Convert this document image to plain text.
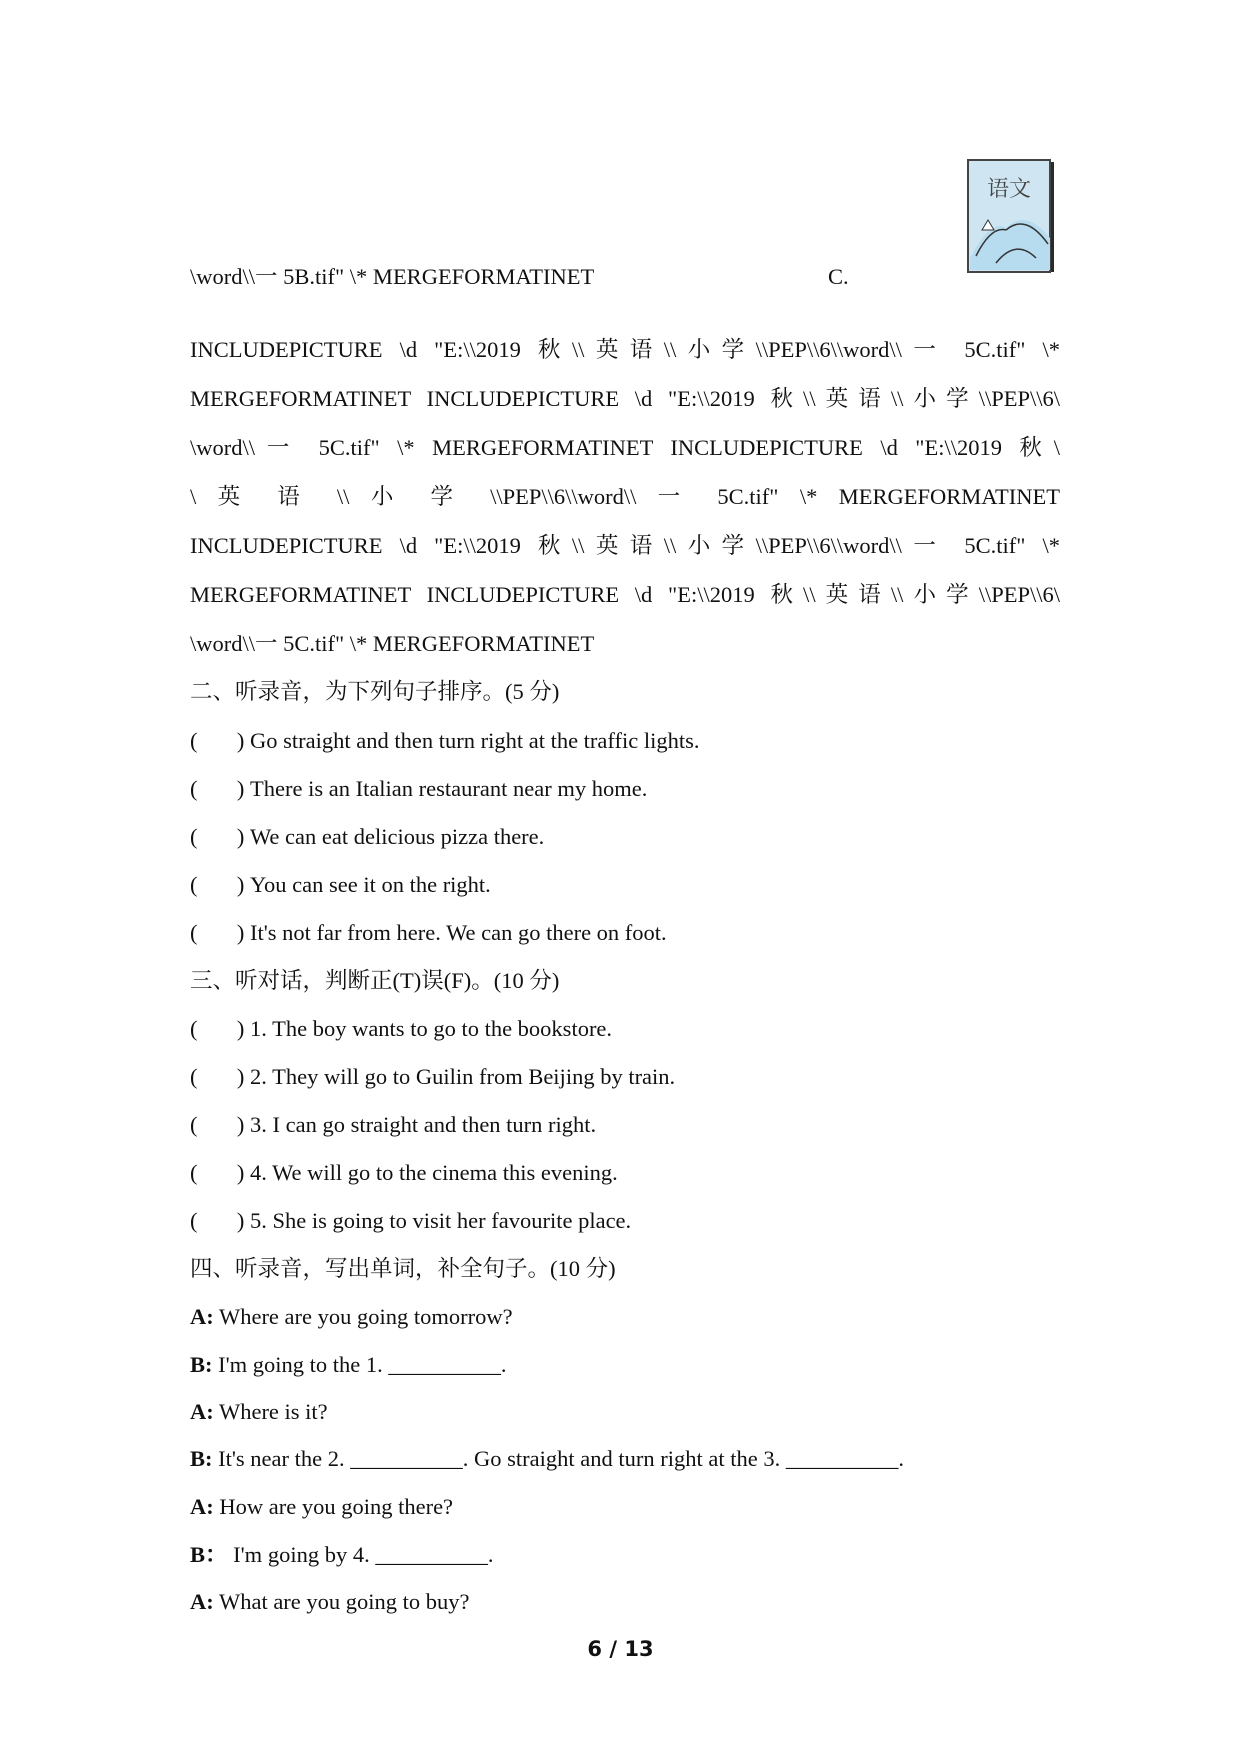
\word\\一 5B.tif" \* MERGEFORMATINET	C.
语文
INCLUDEPICTURE \d "E:\\2019 秋\\英语\\小学\\PEP\\6\\word\\一 5C.tif" \*
MERGEFORMATINET INCLUDEPICTURE \d "E:\\2019 秋\\英语\\小学\\PEP\\6\
\word\\一 5C.tif" \* MERGEFORMATINET INCLUDEPICTURE \d "E:\\2019 秋\
\ 英 语 \\ 小 学 \\PEP\\6\\word\\ 一 5C.tif" \* MERGEFORMATINET
INCLUDEPICTURE \d "E:\\2019 秋\\英语\\小学\\PEP\\6\\word\\一 5C.tif" \*
MERGEFORMATINET INCLUDEPICTURE \d "E:\\2019 秋\\英语\\小学\\PEP\\6\
\word\\一 5C.tif" \* MERGEFORMATINET
二、听录音，为下列句子排序。(5 分)
(       ) Go straight and then turn right at the traffic lights.
(       ) There is an Italian restaurant near my home.
(       ) We can eat delicious pizza there.
(       ) You can see it on the right.
(       ) It's not far from here. We can go there on foot.
三、听对话，判断正(T)误(F)。(10 分)
(       ) 1. The boy wants to go to the bookstore.
(       ) 2. They will go to Guilin from Beijing by train.
(       ) 3. I can go straight and then turn right.
(       ) 4. We will go to the cinema this evening.
(       ) 5. She is going to visit her favourite place.
四、听录音，写出单词，补全句子。(10 分)
A: Where are you going tomorrow?
B: I'm going to the 1. __________.
A: Where is it?
B: It's near the 2. __________. Go straight and turn right at the 3. __________.
A: How are you going there?
B： I'm going by 4. __________.
A: What are you going to buy?
6 / 13
